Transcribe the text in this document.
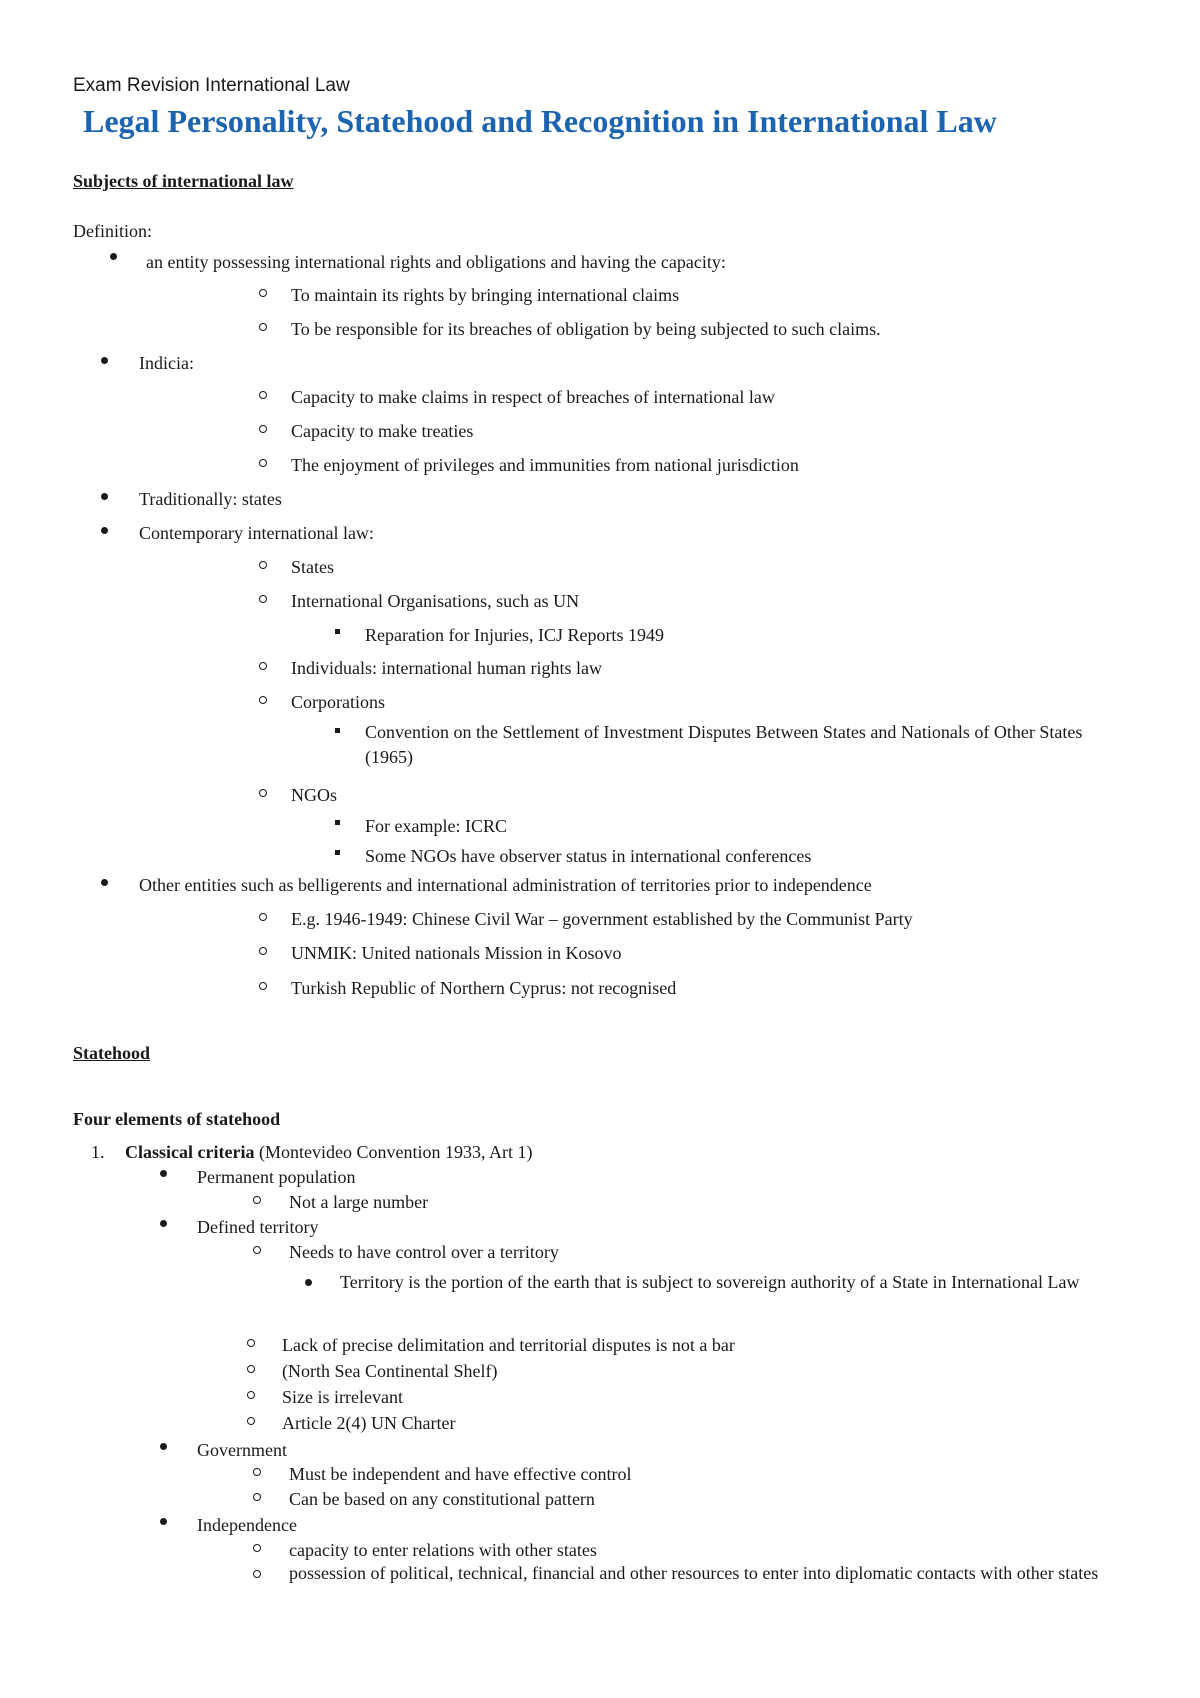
Exam Revision International Law
Legal Personality, Statehood and Recognition in International Law
Subjects of international law
Definition:
an entity possessing international rights and obligations and having the capacity:
To maintain its rights by bringing international claims
To be responsible for its breaches of obligation by being subjected to such claims.
Indicia:
Capacity to make claims in respect of breaches of international law
Capacity to make treaties
The enjoyment of privileges and immunities from national jurisdiction
Traditionally: states
Contemporary international law:
States
International Organisations, such as UN
Reparation for Injuries, ICJ Reports 1949
Individuals: international human rights law
Corporations
Convention on the Settlement of Investment Disputes Between States and Nationals of Other States (1965)
NGOs
For example: ICRC
Some NGOs have observer status in international conferences
Other entities such as belligerents and international administration of territories prior to independence
E.g. 1946-1949: Chinese Civil War – government established by the Communist Party
UNMIK: United nationals Mission in Kosovo
Turkish Republic of Northern Cyprus: not recognised
Statehood
Four elements of statehood
1. Classical criteria (Montevideo Convention 1933, Art 1)
Permanent population
Not a large number
Defined territory
Needs to have control over a territory
Territory is the portion of the earth that is subject to sovereign authority of a State in International Law
Lack of precise delimitation and territorial disputes is not a bar
(North Sea Continental Shelf)
Size is irrelevant
Article 2(4) UN Charter
Government
Must be independent and have effective control
Can be based on any constitutional pattern
Independence
capacity to enter relations with other states
possession of political, technical, financial and other resources to enter into diplomatic contacts with other states
